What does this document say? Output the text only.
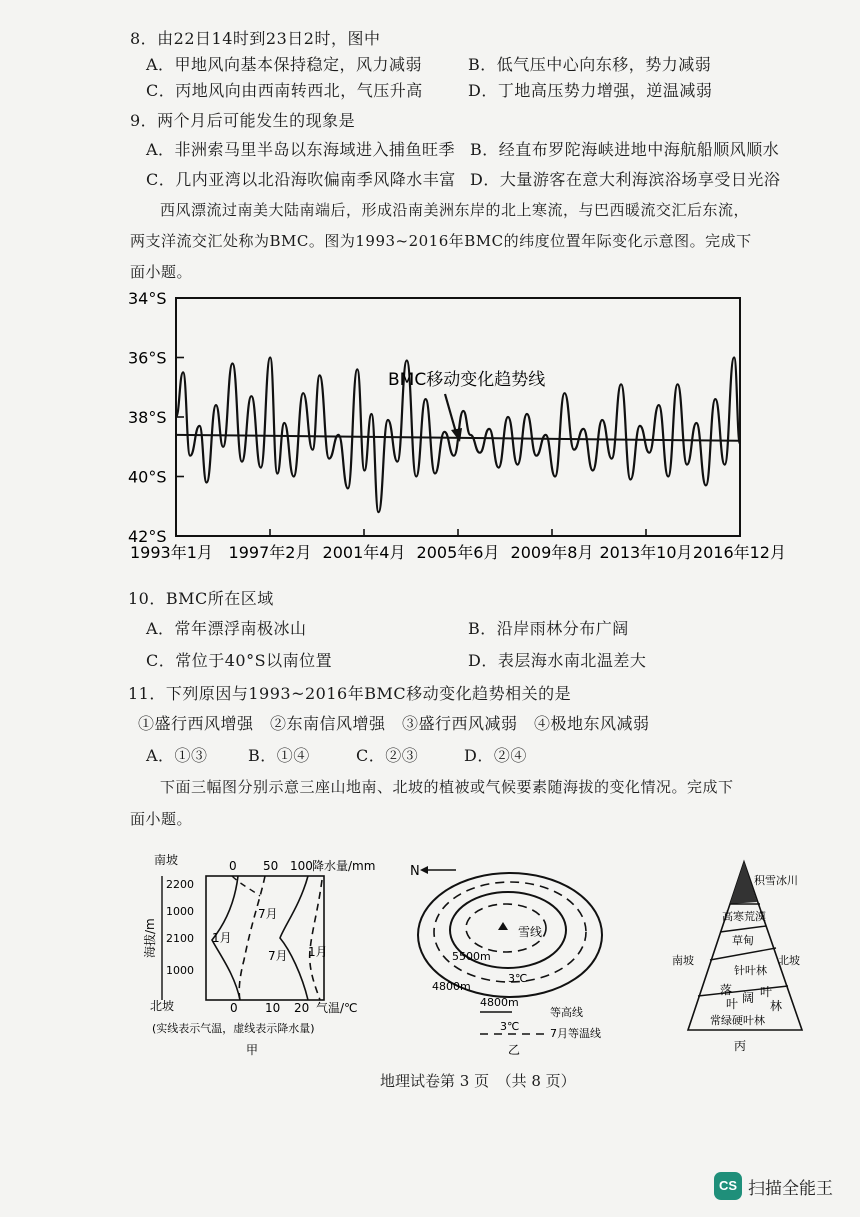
8．由22日14时到23日2时，图中
A．甲地风向基本保持稳定，风力减弱	B．低气压中心向东移，势力减弱
C．丙地风向由西南转西北，气压升高	D．丁地高压势力增强，逆温减弱
9．两个月后可能发生的现象是
A．非洲索马里半岛以东海域进入捕鱼旺季 B．经直布罗陀海峡进地中海航船顺风顺水
C．几内亚湾以北沿海吹偏南季风降水丰富 D．大量游客在意大利海滨浴场享受日光浴
西风漂流过南美大陆南端后，形成沿南美洲东岸的北上寒流，与巴西暖流交汇后东流，
两支洋流交汇处称为BMC。图为1993~2016年BMC的纬度位置年际变化示意图。完成下
面小题。
34°S
36°S
38°S
40°S
42°S
1993年1月 1997年2月 2001年4月 2005年6月 2009年8月 2013年10月 2016年12月
BMC移动变化趋势线
10．BMC所在区域
A．常年漂浮南极冰山	B．沿岸雨林分布广阔
C．常位于40°S以南位置	D．表层海水南北温差大
11．下列原因与1993~2016年BMC移动变化趋势相关的是
①盛行西风增强　②东南信风增强　③盛行西风减弱　④极地东风减弱
A．①③	B．①④	C．②③	D．②④
下面三幅图分别示意三座山地南、北坡的植被或气候要素随海拔的变化情况。完成下
面小题。
南坡	0 50 100 降水量/mm
2200
1000
2100
1000
海拔/m	1月
7月
7月 1月
北坡	0 10 20 气温/℃
(实线表示气温，虚线表示降水量)
甲
N
雪线
5500m
3℃
4800m
4800m
等高线
3℃
7月等温线
乙
积雪冰川
高寒荒漠
草甸
针叶林
南坡	北坡
落
叶 阔 叶
林
常绿硬叶林
丙
地理试卷第 3 页　（共 8 页）
CS 扫描全能王
